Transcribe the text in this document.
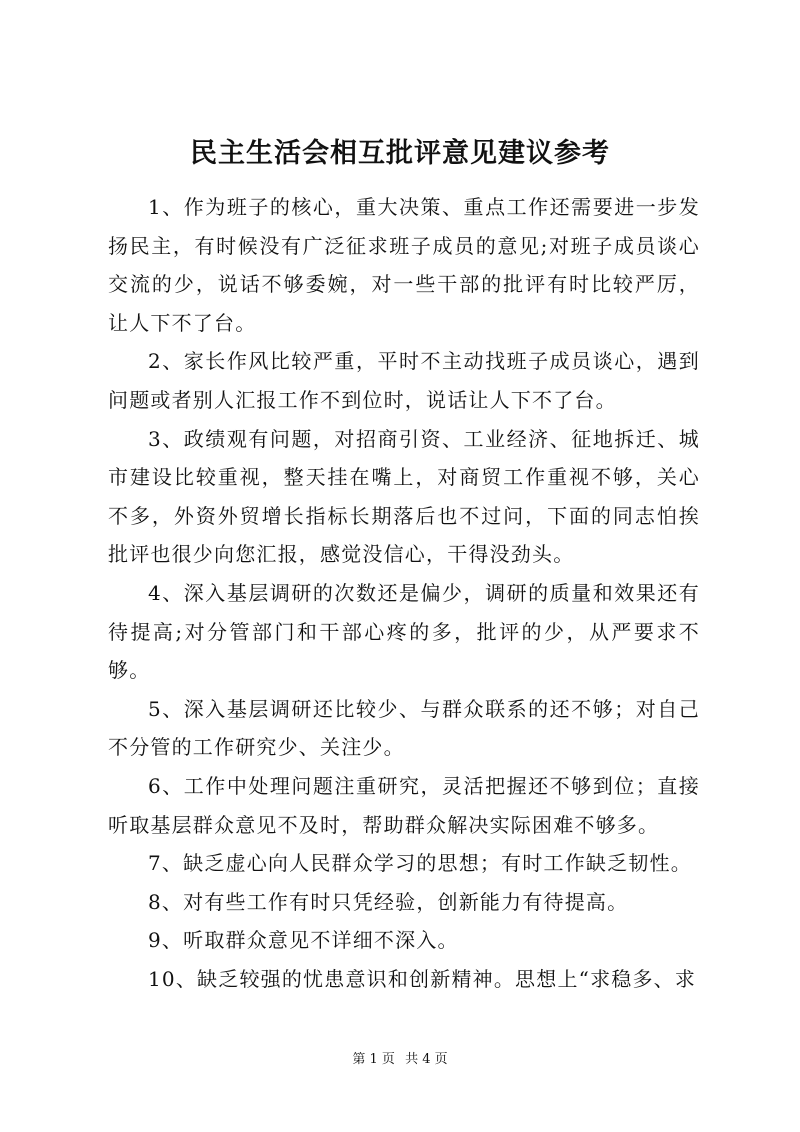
民主生活会相互批评意见建议参考

1、作为班子的核心，重大决策、重点工作还需要进一步发扬民主，有时候没有广泛征求班子成员的意见;对班子成员谈心交流的少，说话不够委婉，对一些干部的批评有时比较严厉，让人下不了台。

2、家长作风比较严重，平时不主动找班子成员谈心，遇到问题或者别人汇报工作不到位时，说话让人下不了台。

3、政绩观有问题，对招商引资、工业经济、征地拆迁、城市建设比较重视，整天挂在嘴上，对商贸工作重视不够，关心不多，外资外贸增长指标长期落后也不过问，下面的同志怕挨批评也很少向您汇报，感觉没信心，干得没劲头。

4、深入基层调研的次数还是偏少，调研的质量和效果还有待提高;对分管部门和干部心疼的多，批评的少，从严要求不够。

5、深入基层调研还比较少、与群众联系的还不够；对自己不分管的工作研究少、关注少。

6、工作中处理问题注重研究，灵活把握还不够到位；直接听取基层群众意见不及时，帮助群众解决实际困难不够多。

7、缺乏虚心向人民群众学习的思想；有时工作缺乏韧性。

8、对有些工作有时只凭经验，创新能力有待提高。

9、听取群众意见不详细不深入。

10、缺乏较强的忧患意识和创新精神。思想上“求稳多、求

第 1 页 共 4 页
